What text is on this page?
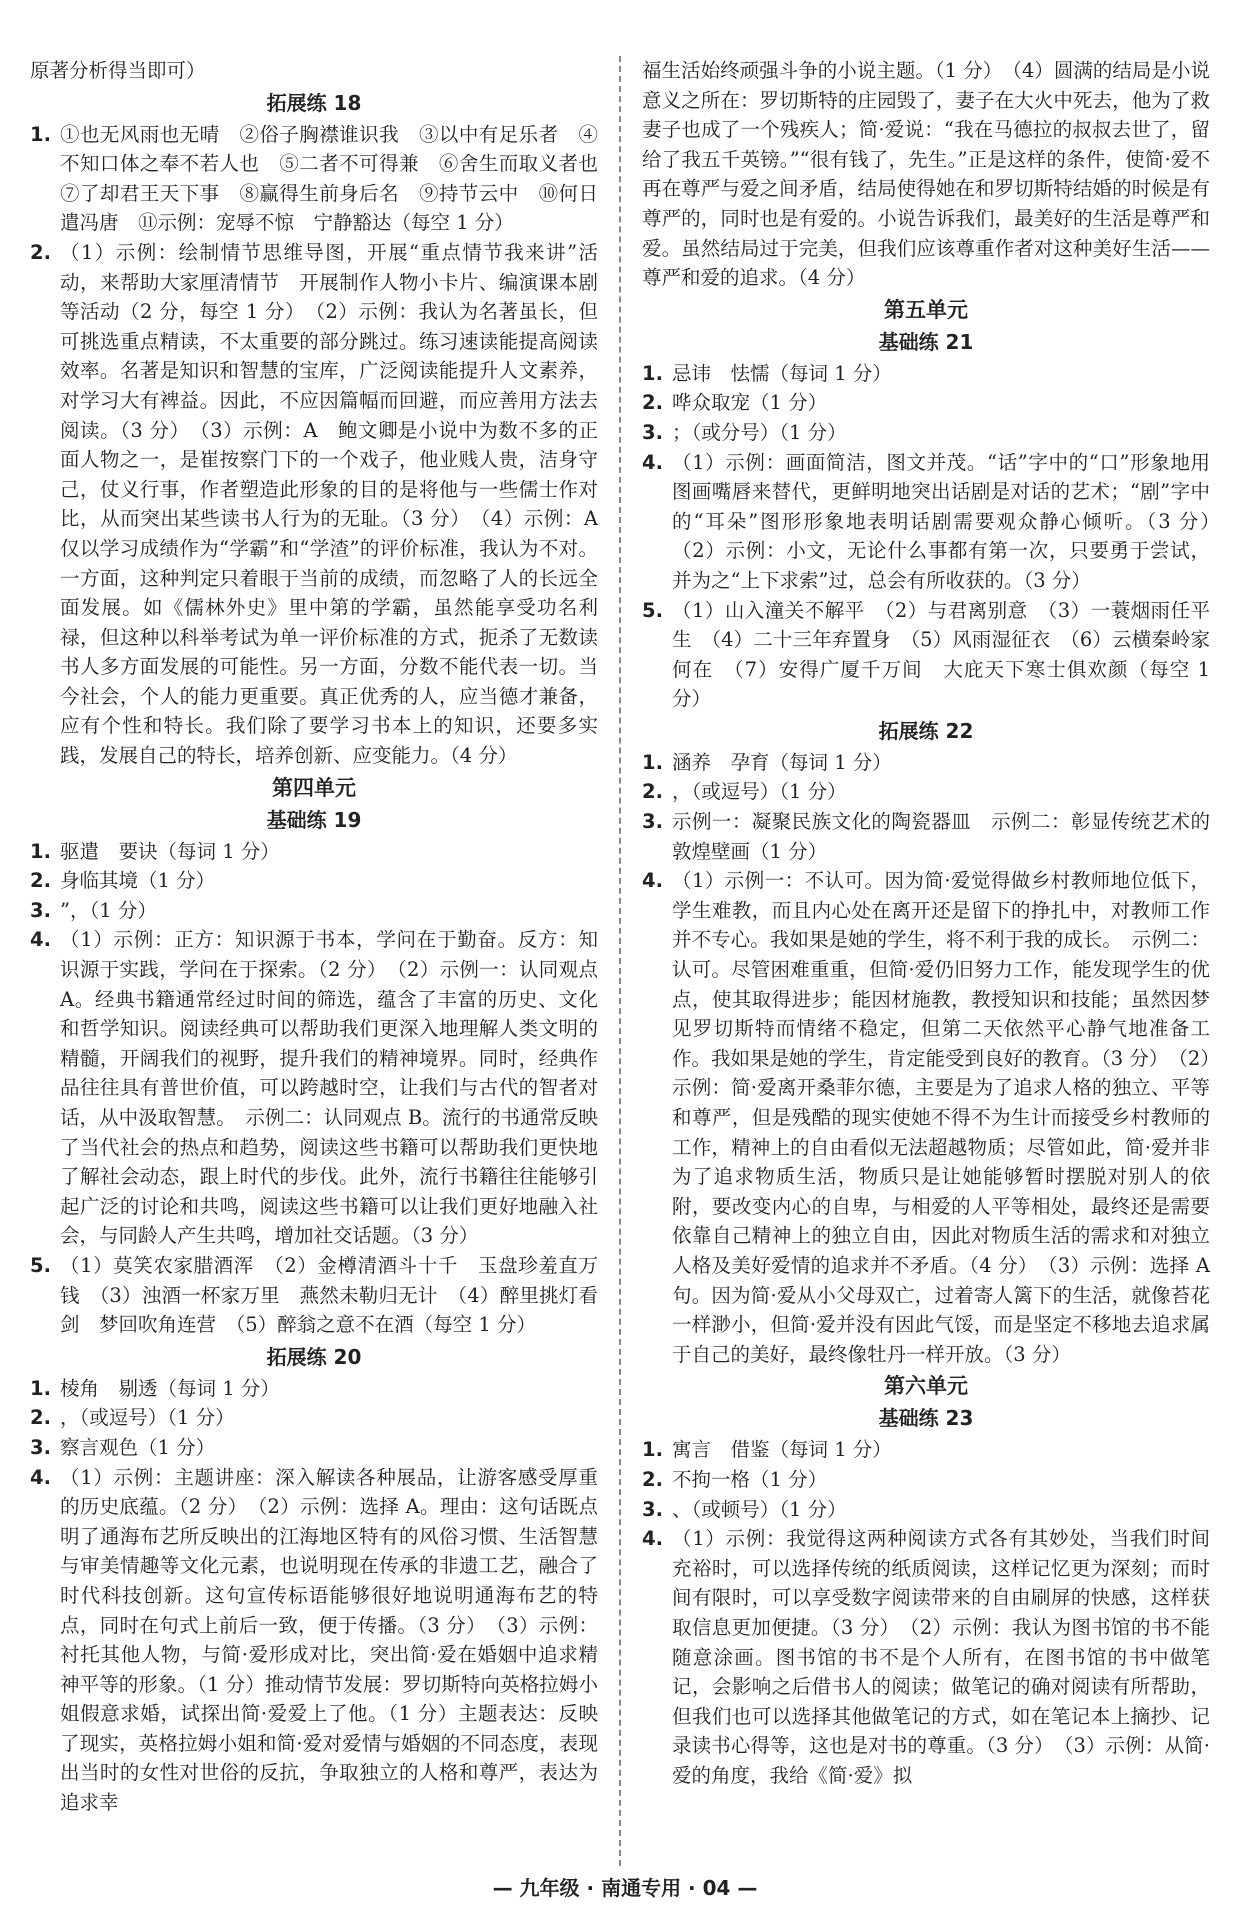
原著分析得当即可）
拓展练 18
1. ①也无风雨也无晴　②俗子胸襟谁识我　③以中有足乐者　④不知口体之奉不若人也　⑤二者不可得兼　⑥舍生而取义者也　⑦了却君王天下事　⑧赢得生前身后名　⑨持节云中　⑩何日遣冯唐　⑪示例：宠辱不惊　宁静豁达（每空 1 分）
2. （1）示例：绘制情节思维导图，开展“重点情节我来讲”活动，来帮助大家厘清情节　开展制作人物小卡片、编演课本剧等活动（2 分，每空 1 分）　（2）示例：我认为名著虽长，但可挑选重点精读，不太重要的部分跳过。练习速读能提高阅读效率。名著是知识和智慧的宝库，广泛阅读能提升人文素养，对学习大有裨益。因此，不应因篇幅而回避，而应善用方法去阅读。（3 分）　（3）示例：A　鲍文卿是小说中为数不多的正面人物之一，是崔按察门下的一个戏子，他业贱人贵，洁身守己，仗义行事，作者塑造此形象的目的是将他与一些儒士作对比，从而突出某些读书人行为的无耻。（3 分）　（4）示例：A　仅以学习成绩作为“学霸”和“学渣”的评价标准，我认为不对。一方面，这种判定只着眼于当前的成绩，而忽略了人的长远全面发展。如《儒林外史》里中第的学霸，虽然能享受功名利禄，但这种以科举考试为单一评价标准的方式，扼杀了无数读书人多方面发展的可能性。另一方面，分数不能代表一切。当今社会，个人的能力更重要。真正优秀的人，应当德才兼备，应有个性和特长。我们除了要学习书本上的知识，还要多实践，发展自己的特长，培养创新、应变能力。（4 分）
第四单元
基础练 19
1. 驱遣　要诀（每词 1 分）
2. 身临其境（1 分）
3. ”，（1 分）
4. （1）示例：正方：知识源于书本，学问在于勤奋。反方：知识源于实践，学问在于探索。（2 分）　（2）示例一：认同观点 A。经典书籍通常经过时间的筛选，蕴含了丰富的历史、文化和哲学知识。阅读经典可以帮助我们更深入地理解人类文明的精髓，开阔我们的视野，提升我们的精神境界。同时，经典作品往往具有普世价值，可以跨越时空，让我们与古代的智者对话，从中汲取智慧。　示例二：认同观点 B。流行的书通常反映了当代社会的热点和趋势，阅读这些书籍可以帮助我们更快地了解社会动态，跟上时代的步伐。此外，流行书籍往往能够引起广泛的讨论和共鸣，阅读这些书籍可以让我们更好地融入社会，与同龄人产生共鸣，增加社交话题。（3 分）
5. （1）莫笑农家腊酒浑　（2）金樽清酒斗十千　玉盘珍羞直万钱　（3）浊酒一杯家万里　燕然未勒归无计　（4）醉里挑灯看剑　梦回吹角连营　（5）醉翁之意不在酒（每空 1 分）
拓展练 20
1. 棱角　剔透（每词 1 分）
2. ，（或逗号）（1 分）
3. 察言观色（1 分）
4. （1）示例：主题讲座：深入解读各种展品，让游客感受厚重的历史底蕴。（2 分）　（2）示例：选择 A。理由：这句话既点明了通海布艺所反映出的江海地区特有的风俗习惯、生活智慧与审美情趣等文化元素，也说明现在传承的非遗工艺，融合了时代科技创新。这句宣传标语能够很好地说明通海布艺的特点，同时在句式上前后一致，便于传播。（3 分）　（3）示例：衬托其他人物，与简·爱形成对比，突出简·爱在婚姻中追求精神平等的形象。（1 分）推动情节发展：罗切斯特向英格拉姆小姐假意求婚，试探出简·爱爱上了他。（1 分）主题表达：反映了现实，英格拉姆小姐和简·爱对爱情与婚姻的不同态度，表现出当时的女性对世俗的反抗，争取独立的人格和尊严，表达为追求幸
福生活始终顽强斗争的小说主题。（1 分）　（4）圆满的结局是小说意义之所在：罗切斯特的庄园毁了，妻子在大火中死去，他为了救妻子也成了一个残疾人；简·爱说：“我在马德拉的叔叔去世了，留给了我五千英镑。”“很有钱了，先生。”正是这样的条件，使简·爱不再在尊严与爱之间矛盾，结局使得她在和罗切斯特结婚的时候是有尊严的，同时也是有爱的。小说告诉我们，最美好的生活是尊严和爱。虽然结局过于完美，但我们应该尊重作者对这种美好生活——尊严和爱的追求。（4 分）
第五单元
基础练 21
1. 忌讳　怯懦（每词 1 分）
2. 哗众取宠（1 分）
3. ；（或分号）（1 分）
4. （1）示例：画面简洁，图文并茂。“话”字中的“口”形象地用图画嘴唇来替代，更鲜明地突出话剧是对话的艺术；“剧”字中的“耳朵”图形形象地表明话剧需要观众静心倾听。（3 分）　（2）示例：小文，无论什么事都有第一次，只要勇于尝试，并为之“上下求索”过，总会有所收获的。（3 分）
5. （1）山入潼关不解平　（2）与君离别意　（3）一蓑烟雨任平生　（4）二十三年弃置身　（5）风雨湿征衣　（6）云横秦岭家何在　（7）安得广厦千万间　大庇天下寒士俱欢颜（每空 1 分）
拓展练 22
1. 涵养　孕育（每词 1 分）
2. ，（或逗号）（1 分）
3. 示例一：凝聚民族文化的陶瓷器皿　示例二：彰显传统艺术的敦煌壁画（1 分）
4. （1）示例一：不认可。因为简·爱觉得做乡村教师地位低下，学生难教，而且内心处在离开还是留下的挣扎中，对教师工作并不专心。我如果是她的学生，将不利于我的成长。　示例二：认可。尽管困难重重，但简·爱仍旧努力工作，能发现学生的优点，使其取得进步；能因材施教，教授知识和技能；虽然因梦见罗切斯特而情绪不稳定，但第二天依然平心静气地准备工作。我如果是她的学生，肯定能受到良好的教育。（3 分）　（2）示例：简·爱离开桑菲尔德，主要是为了追求人格的独立、平等和尊严，但是残酷的现实使她不得不为生计而接受乡村教师的工作，精神上的自由看似无法超越物质；尽管如此，简·爱并非为了追求物质生活，物质只是让她能够暂时摆脱对别人的依附，要改变内心的自卑，与相爱的人平等相处，最终还是需要依靠自己精神上的独立自由，因此对物质生活的需求和对独立人格及美好爱情的追求并不矛盾。（4 分）　（3）示例：选择 A 句。因为简·爱从小父母双亡，过着寄人篱下的生活，就像苔花一样渺小，但简·爱并没有因此气馁，而是坚定不移地去追求属于自己的美好，最终像牡丹一样开放。（3 分）
第六单元
基础练 23
1. 寓言　借鉴（每词 1 分）
2. 不拘一格（1 分）
3. 、（或顿号）（1 分）
4. （1）示例：我觉得这两种阅读方式各有其妙处，当我们时间充裕时，可以选择传统的纸质阅读，这样记忆更为深刻；而时间有限时，可以享受数字阅读带来的自由刷屏的快感，这样获取信息更加便捷。（3 分）　（2）示例：我认为图书馆的书不能随意涂画。图书馆的书不是个人所有，在图书馆的书中做笔记，会影响之后借书人的阅读；做笔记的确对阅读有所帮助，但我们也可以选择其他做笔记的方式，如在笔记本上摘抄、记录读书心得等，这也是对书的尊重。（3 分）　（3）示例：从简·爱的角度，我给《简·爱》拟
— 九年级 · 南通专用 · 04 —
